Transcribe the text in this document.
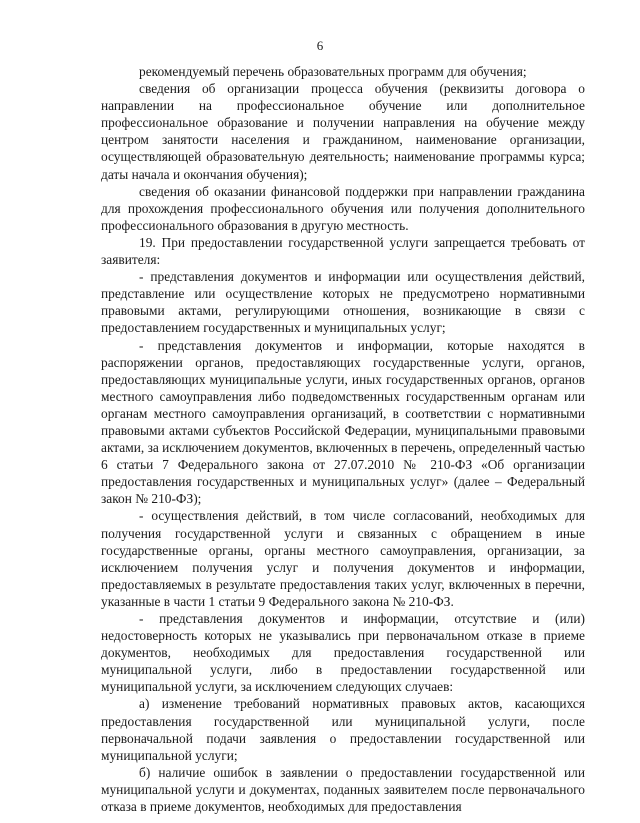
6

рекомендуемый перечень образовательных программ для обучения;

сведения об организации процесса обучения (реквизиты договора о направлении на профессиональное обучение или дополнительное профессиональное образование и получении направления на обучение между центром занятости населения и гражданином, наименование организации, осуществляющей образовательную деятельность; наименование программы курса; даты начала и окончания обучения);

сведения об оказании финансовой поддержки при направлении гражданина для прохождения профессионального обучения или получения дополнительного профессионального образования в другую местность.

19. При предоставлении государственной услуги запрещается требовать от заявителя:

- представления документов и информации или осуществления действий, представление или осуществление которых не предусмотрено нормативными правовыми актами, регулирующими отношения, возникающие в связи с предоставлением государственных и муниципальных услуг;

- представления документов и информации, которые находятся в распоряжении органов, предоставляющих государственные услуги, органов, предоставляющих муниципальные услуги, иных государственных органов, органов местного самоуправления либо подведомственных государственным органам или органам местного самоуправления организаций, в соответствии с нормативными правовыми актами субъектов Российской Федерации, муниципальными правовыми актами, за исключением документов, включенных в перечень, определенный частью 6 статьи 7 Федерального закона от 27.07.2010 № 210-ФЗ «Об организации предоставления государственных и муниципальных услуг» (далее – Федеральный закон № 210-ФЗ);

- осуществления действий, в том числе согласований, необходимых для получения государственной услуги и связанных с обращением в иные государственные органы, органы местного самоуправления, организации, за исключением получения услуг и получения документов и информации, предоставляемых в результате предоставления таких услуг, включенных в перечни, указанные в части 1 статьи 9 Федерального закона № 210-ФЗ.

- представления документов и информации, отсутствие и (или) недостоверность которых не указывались при первоначальном отказе в приеме документов, необходимых для предоставления государственной или муниципальной услуги, либо в предоставлении государственной или муниципальной услуги, за исключением следующих случаев:

а) изменение требований нормативных правовых актов, касающихся предоставления государственной или муниципальной услуги, после первоначальной подачи заявления о предоставлении государственной или муниципальной услуги;

б) наличие ошибок в заявлении о предоставлении государственной или муниципальной услуги и документах, поданных заявителем после первоначального отказа в приеме документов, необходимых для предоставления
